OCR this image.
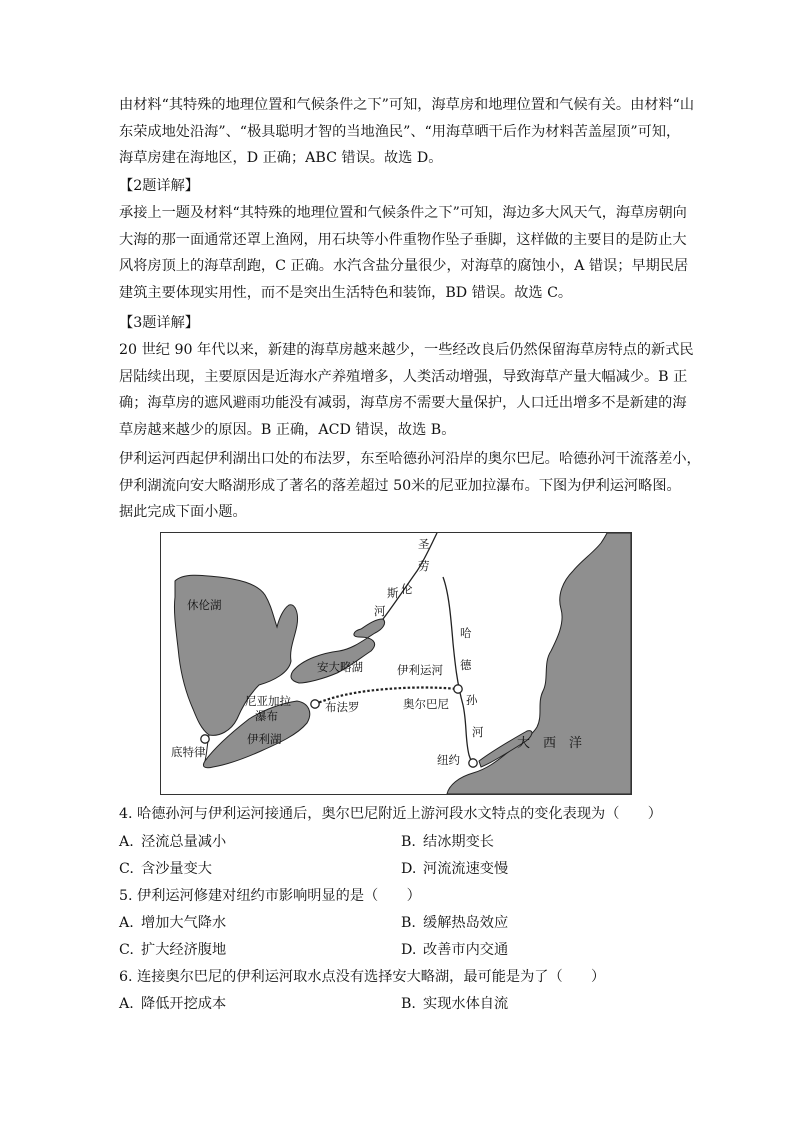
由材料“其特殊的地理位置和气候条件之下”可知，海草房和地理位置和气候有关。由材料“山
东荣成地处沿海”、“极具聪明才智的当地渔民”、“用海草晒干后作为材料苦盖屋顶”可知，
海草房建在海地区，D 正确；ABC 错误。故选 D。
【2题详解】
承接上一题及材料“其特殊的地理位置和气候条件之下”可知，海边多大风天气，海草房朝向
大海的那一面通常还罩上渔网，用石块等小件重物作坠子垂脚，这样做的主要目的是防止大
风将房顶上的海草刮跑，C 正确。水汽含盐分量很少，对海草的腐蚀小，A 错误；早期民居
建筑主要体现实用性，而不是突出生活特色和装饰，BD 错误。故选 C。
【3题详解】
20 世纪 90 年代以来，新建的海草房越来越少，一些经改良后仍然保留海草房特点的新式民
居陆续出现，主要原因是近海水产养殖增多，人类活动增强，导致海草产量大幅减少。B 正
确；海草房的遮风避雨功能没有减弱，海草房不需要大量保护，人口迁出增多不是新建的海
草房越来越少的原因。B 正确，ACD 错误，故选 B。
伊利运河西起伊利湖出口处的布法罗，东至哈德孙河沿岸的奥尔巴尼。哈德孙河干流落差小，
伊利湖流向安大略湖形成了著名的落差超过 50米的尼亚加拉瀑布。下图为伊利运河略图。
据此完成下面小题。
圣
劳
伦
斯
河
休伦湖
安大略湖	伊利运河
哈
德
孙
河
尼亚加拉
瀑布
布法罗	奥尔巴尼
伊利湖
底特律
大　西　洋
纽约
4. 哈德孙河与伊利运河接通后，奥尔巴尼附近上游河段水文特点的变化表现为（　　）
A. 泾流总量减小	B. 结冰期变长
C. 含沙量变大	D. 河流流速变慢
5. 伊利运河修建对纽约市影响明显的是（　　）
A. 增加大气降水	B. 缓解热岛效应
C. 扩大经济腹地	D. 改善市内交通
6. 连接奥尔巴尼的伊利运河取水点没有选择安大略湖，最可能是为了（　　）
A. 降低开挖成本	B. 实现水体自流
